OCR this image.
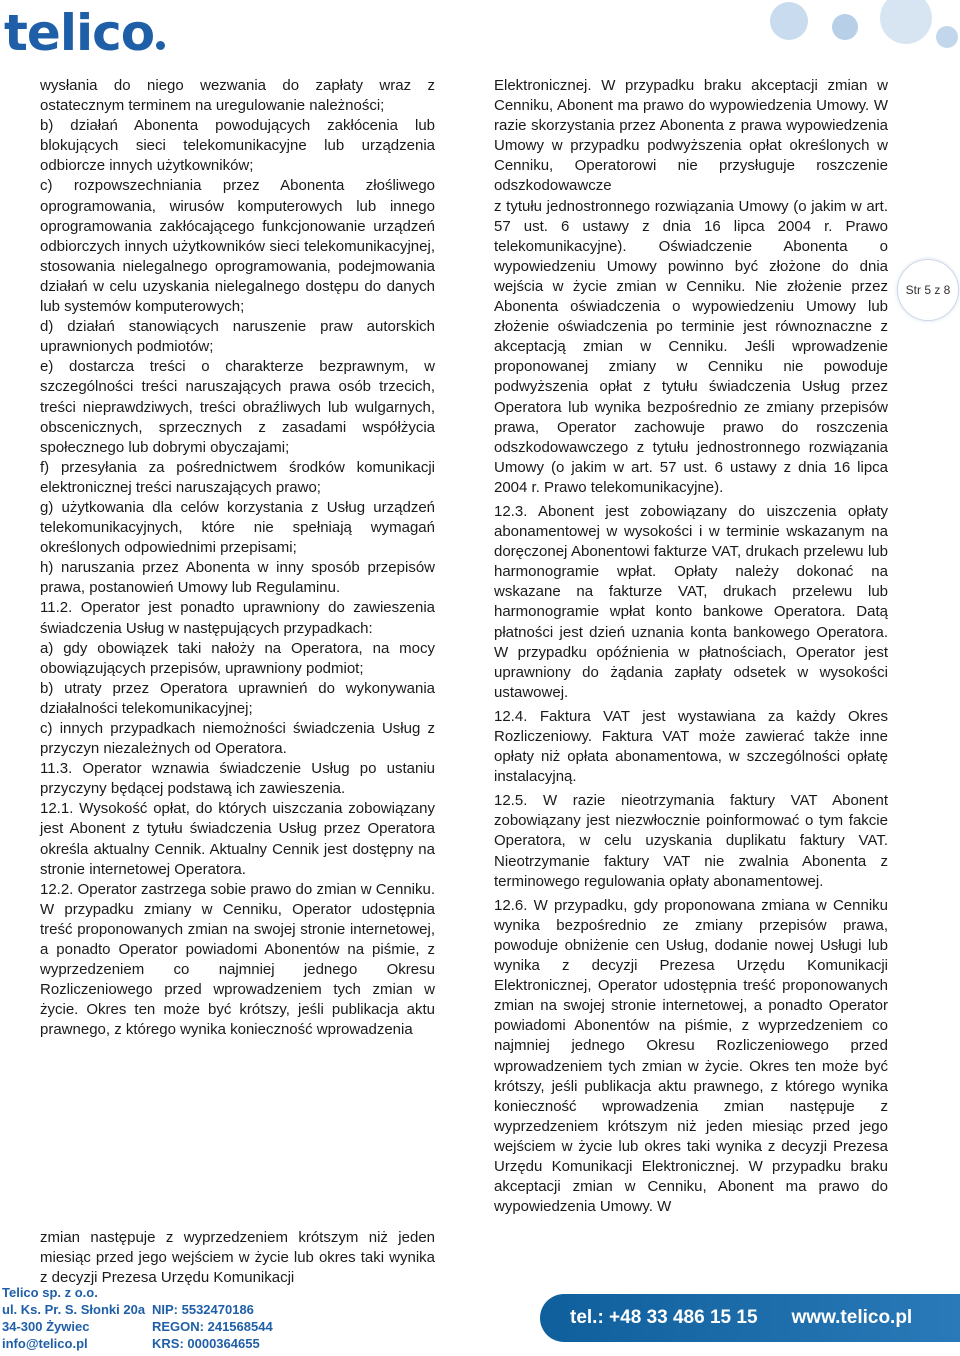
telico

wysłania do niego wezwania do zapłaty wraz z ostatecznym terminem na uregulowanie należności;

b) działań Abonenta powodujących zakłócenia lub blokujących sieci telekomunikacyjne lub urządzenia odbiorcze innych użytkowników;

c) rozpowszechniania przez Abonenta złośliwego oprogramowania, wirusów komputerowych lub innego oprogramowania zakłócającego funkcjonowanie urządzeń odbiorczych innych użytkowników sieci telekomunikacyjnej, stosowania nielegalnego oprogramowania, podejmowania działań w celu uzyskania nielegalnego dostępu do danych lub systemów komputerowych;

d) działań stanowiących naruszenie praw autorskich uprawnionych podmiotów;

e) dostarcza treści o charakterze bezprawnym, w szczególności treści naruszających prawa osób trzecich, treści nieprawdziwych, treści obraźliwych lub wulgarnych, obscenicznych, sprzecznych z zasadami współżycia społecznego lub dobrymi obyczajami;

f) przesyłania za pośrednictwem środków komunikacji elektronicznej treści naruszających prawo;

g) użytkowania dla celów korzystania z Usług urządzeń telekomunikacyjnych, które nie spełniają wymagań określonych odpowiednimi przepisami;

h) naruszania przez Abonenta w inny sposób przepisów prawa, postanowień Umowy lub Regulaminu.

11.2. Operator jest ponadto uprawniony do zawieszenia świadczenia Usług w następujących przypadkach:

a) gdy obowiązek taki nałoży na Operatora, na mocy obowiązujących przepisów, uprawniony podmiot;

b) utraty przez Operatora uprawnień do wykonywania działalności telekomunikacyjnej;

c) innych przypadkach niemożności świadczenia Usług z przyczyn niezależnych od Operatora.

11.3. Operator wznawia świadczenie Usług po ustaniu przyczyny będącej podstawą ich zawieszenia.

12.1. Wysokość opłat, do których uiszczania zobowiązany jest Abonent z tytułu świadczenia Usług przez Operatora określa aktualny Cennik. Aktualny Cennik jest dostępny na stronie internetowej Operatora.

12.2. Operator zastrzega sobie prawo do zmian w Cenniku. W przypadku zmiany w Cenniku, Operator udostępnia treść proponowanych zmian na swojej stronie internetowej, a ponadto Operator powiadomi Abonentów na piśmie, z wyprzedzeniem co najmniej jednego Okresu Rozliczeniowego przed wprowadzeniem tych zmian w życie. Okres ten może być krótszy, jeśli publikacja aktu prawnego, z którego wynika konieczność wprowadzenia

zmian następuje z wyprzedzeniem krótszym niż jeden miesiąc przed jego wejściem w życie lub okres taki wynika z decyzji Prezesa Urzędu Komunikacji

Elektronicznej. W przypadku braku akceptacji zmian w Cenniku, Abonent ma prawo do wypowiedzenia Umowy. W razie skorzystania przez Abonenta z prawa wypowiedzenia Umowy w przypadku podwyższenia opłat określonych w Cenniku, Operatorowi nie przysługuje roszczenie odszkodowawcze

z tytułu jednostronnego rozwiązania Umowy (o jakim w art. 57 ust. 6 ustawy z dnia 16 lipca 2004 r. Prawo telekomunikacyjne). Oświadczenie Abonenta o wypowiedzeniu Umowy powinno być złożone do dnia wejścia w życie zmian w Cenniku. Nie złożenie przez Abonenta oświadczenia o wypowiedzeniu Umowy lub złożenie oświadczenia po terminie jest równoznaczne z akceptacją zmian w Cenniku. Jeśli wprowadzenie proponowanej zmiany w Cenniku nie powoduje podwyższenia opłat z tytułu świadczenia Usług przez Operatora lub wynika bezpośrednio ze zmiany przepisów prawa, Operator zachowuje prawo do roszczenia odszkodowawczego z tytułu jednostronnego rozwiązania Umowy (o jakim w art. 57 ust. 6 ustawy z dnia 16 lipca 2004 r. Prawo telekomunikacyjne).

12.3. Abonent jest zobowiązany do uiszczenia opłaty abonamentowej w wysokości i w terminie wskazanym na doręczonej Abonentowi fakturze VAT, drukach przelewu lub harmonogramie wpłat. Opłaty należy dokonać na wskazane na fakturze VAT, drukach przelewu lub harmonogramie wpłat konto bankowe Operatora. Datą płatności jest dzień uznania konta bankowego Operatora. W przypadku opóźnienia w płatnościach, Operator jest uprawniony do żądania zapłaty odsetek w wysokości ustawowej.

12.4. Faktura VAT jest wystawiana za każdy Okres Rozliczeniowy. Faktura VAT może zawierać także inne opłaty niż opłata abonamentowa, w szczególności opłatę instalacyjną.

12.5. W razie nieotrzymania faktury VAT Abonent zobowiązany jest niezwłocznie poinformować o tym fakcie Operatora, w celu uzyskania duplikatu faktury VAT. Nieotrzymanie faktury VAT nie zwalnia Abonenta z terminowego regulowania opłaty abonamentowej.

12.6. W przypadku, gdy proponowana zmiana w Cenniku wynika bezpośrednio ze zmiany przepisów prawa, powoduje obniżenie cen Usług, dodanie nowej Usługi lub wynika z decyzji Prezesa Urzędu Komunikacji Elektronicznej, Operator udostępnia treść proponowanych zmian na swojej stronie internetowej, a ponadto Operator powiadomi Abonentów na piśmie, z wyprzedzeniem co najmniej jednego Okresu Rozliczeniowego przed wprowadzeniem tych zmian w życie. Okres ten może być krótszy, jeśli publikacja aktu prawnego, z którego wynika konieczność wprowadzenia zmian następuje z wyprzedzeniem krótszym niż jeden miesiąc przed jego wejściem w życie lub okres taki wynika z decyzji Prezesa Urzędu Komunikacji Elektronicznej. W przypadku braku akceptacji zmian w Cenniku, Abonent ma prawo do wypowiedzenia Umowy. W

Str 5 z 8
Telico sp. z o.o.
ul. Ks. Pr. S. Słonki 20a
34-300 Żywiec
info@telico.pl
NIP: 5532470186
REGON: 241568544
KRS: 0000364655
tel.: +48 33 486 15 15 www.telico.pl
